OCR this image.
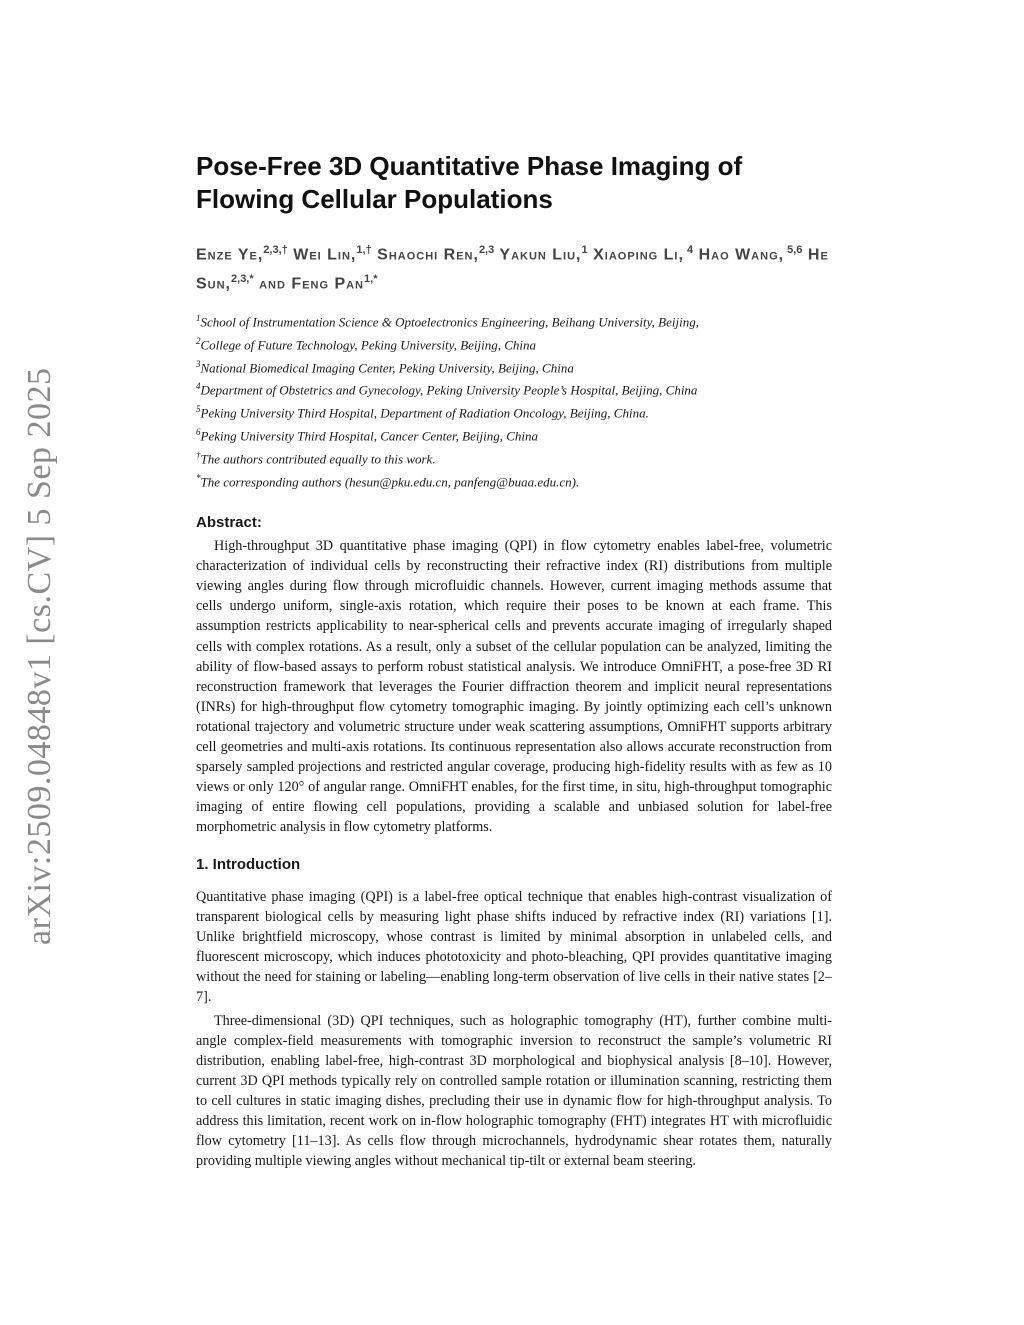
arXiv:2509.04848v1 [cs.CV] 5 Sep 2025
Pose-Free 3D Quantitative Phase Imaging of Flowing Cellular Populations
Enze Ye,$^{2,3,\dagger}$ Wei Lin,$^{1,\dagger}$ Shaochi Ren,$^{2,3}$ Yakun Liu,$^1$ Xiaoping Li, $^4$ Hao Wang, $^{5,6}$ He Sun,$^{2,3,*}$ and Feng Pan$^{1,*}$
$^1$School of Instrumentation Science & Optoelectronics Engineering, Beihang University, Beijing,
$^2$College of Future Technology, Peking University, Beijing, China
$^3$National Biomedical Imaging Center, Peking University, Beijing, China
$^4$Department of Obstetrics and Gynecology, Peking University People’s Hospital, Beijing, China
$^5$Peking University Third Hospital, Department of Radiation Oncology, Beijing, China.
$^6$Peking University Third Hospital, Cancer Center, Beijing, China
†The authors contributed equally to this work.
*The corresponding authors (hesun@pku.edu.cn, panfeng@buaa.edu.cn).
Abstract:

High-throughput 3D quantitative phase imaging (QPI) in flow cytometry enables label-free, volumetric characterization of individual cells by reconstructing their refractive index (RI) distributions from multiple viewing angles during flow through microfluidic channels. However, current imaging methods assume that cells undergo uniform, single-axis rotation, which require their poses to be known at each frame. This assumption restricts applicability to near-spherical cells and prevents accurate imaging of irregularly shaped cells with complex rotations. As a result, only a subset of the cellular population can be analyzed, limiting the ability of flow-based assays to perform robust statistical analysis. We introduce OmniFHT, a pose-free 3D RI reconstruction framework that leverages the Fourier diffraction theorem and implicit neural representations (INRs) for high-throughput flow cytometry tomographic imaging. By jointly optimizing each cell’s unknown rotational trajectory and volumetric structure under weak scattering assumptions, OmniFHT supports arbitrary cell geometries and multi-axis rotations. Its continuous representation also allows accurate reconstruction from sparsely sampled projections and restricted angular coverage, producing high-fidelity results with as few as 10 views or only 120° of angular range. OmniFHT enables, for the first time, in situ, high-throughput tomographic imaging of entire flowing cell populations, providing a scalable and unbiased solution for label-free morphometric analysis in flow cytometry platforms.

1. Introduction

Quantitative phase imaging (QPI) is a label-free optical technique that enables high-contrast visualization of transparent biological cells by measuring light phase shifts induced by refractive index (RI) variations [1]. Unlike brightfield microscopy, whose contrast is limited by minimal absorption in unlabeled cells, and fluorescent microscopy, which induces phototoxicity and photo-bleaching, QPI provides quantitative imaging without the need for staining or labeling—enabling long-term observation of live cells in their native states [2–7].

Three-dimensional (3D) QPI techniques, such as holographic tomography (HT), further combine multi-angle complex-field measurements with tomographic inversion to reconstruct the sample’s volumetric RI distribution, enabling label-free, high-contrast 3D morphological and biophysical analysis [8–10]. However, current 3D QPI methods typically rely on controlled sample rotation or illumination scanning, restricting them to cell cultures in static imaging dishes, precluding their use in dynamic flow for high-throughput analysis. To address this limitation, recent work on in-flow holographic tomography (FHT) integrates HT with microfluidic flow cytometry [11–13]. As cells flow through microchannels, hydrodynamic shear rotates them, naturally providing multiple viewing angles without mechanical tip-tilt or external beam steering.
